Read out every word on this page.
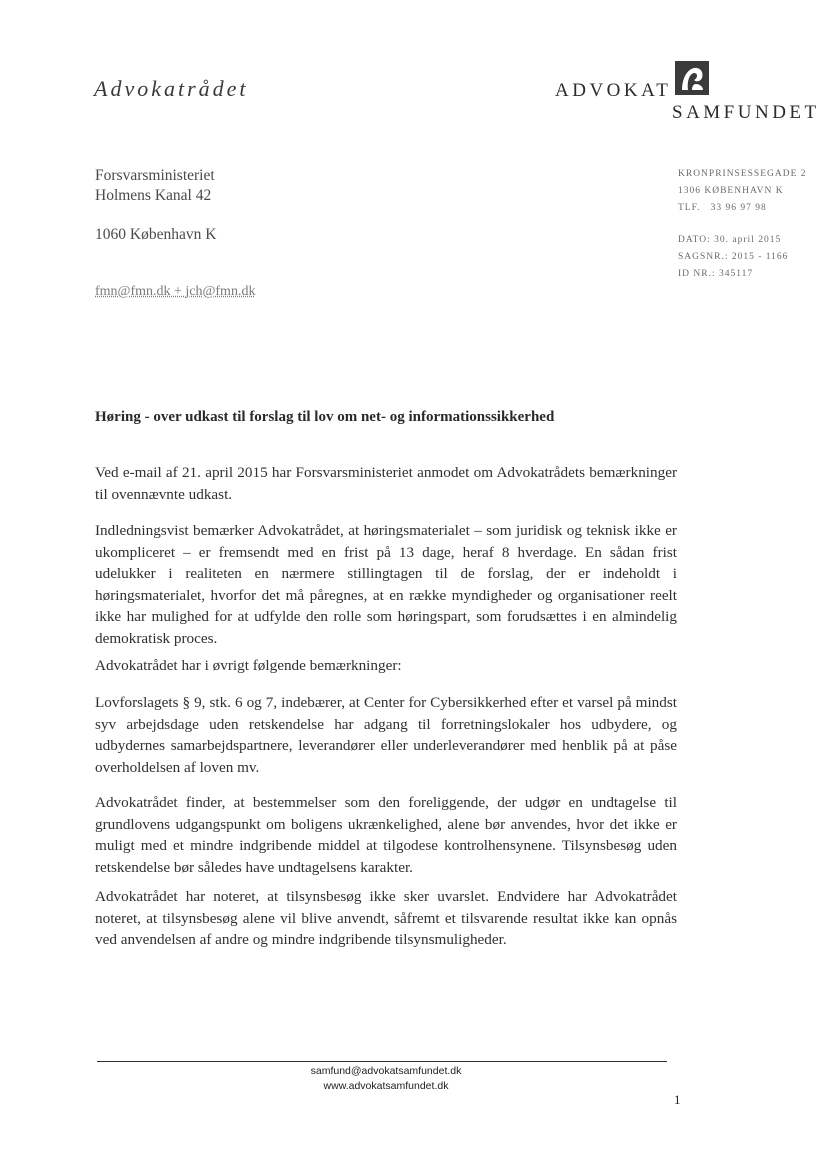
Advokatrådet	ADVOKAT
SAMFUNDET
Forsvarsministeriet
Holmens Kanal 42
1060 København K
fmn@fmn.dk + jch@fmn.dk
KRONPRINSESSEGADE 2
1306 KØBENHAVN K
TLF.   33 96 97 98
DATO: 30. april 2015
SAGSNR.: 2015 - 1166
ID NR.: 345117
Høring - over udkast til forslag til lov om net- og informationssikkerhed
Ved e-mail af 21. april 2015 har Forsvarsministeriet anmodet om Advokatrådets bemærkninger til ovennævnte udkast.
Indledningsvist bemærker Advokatrådet, at høringsmaterialet – som juridisk og teknisk ikke er ukompliceret – er fremsendt med en frist på 13 dage, heraf 8 hverdage. En sådan frist udelukker i realiteten en nærmere stillingtagen til de forslag, der er indeholdt i høringsmaterialet, hvorfor det må påregnes, at en række myndigheder og organisationer reelt ikke har mulighed for at udfylde den rolle som høringspart, som forudsættes i en almindelig demokratisk proces.
Advokatrådet har i øvrigt følgende bemærkninger:
Lovforslagets § 9, stk. 6 og 7, indebærer, at Center for Cybersikkerhed efter et varsel på mindst syv arbejdsdage uden retskendelse har adgang til forretningslokaler hos udbydere, og udbydernes samarbejdspartnere, leverandører eller underleverandører med henblik på at påse overholdelsen af loven mv.
Advokatrådet finder, at bestemmelser som den foreliggende, der udgør en undtagelse til grundlovens udgangspunkt om boligens ukrænkelighed, alene bør anvendes, hvor det ikke er muligt med et mindre indgribende middel at tilgodese kontrolhensynene. Tilsynsbesøg uden retskendelse bør således have undtagelsens karakter.
Advokatrådet har noteret, at tilsynsbesøg ikke sker uvarslet. Endvidere har Advokatrådet noteret, at tilsynsbesøg alene vil blive anvendt, såfremt et tilsvarende resultat ikke kan opnås ved anvendelsen af andre og mindre indgribende tilsynsmuligheder.
samfund@advokatsamfundet.dk
www.advokatsamfundet.dk
1
